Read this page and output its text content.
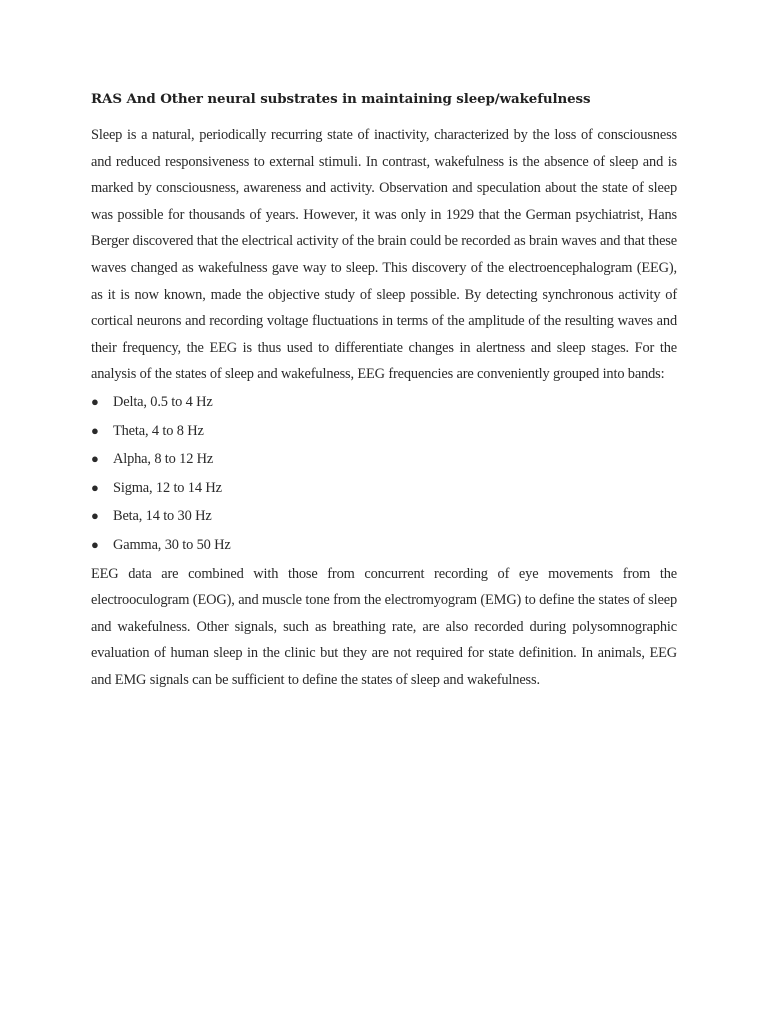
RAS And Other neural substrates in maintaining sleep/wakefulness

Sleep is a natural, periodically recurring state of inactivity, characterized by the loss of consciousness and reduced responsiveness to external stimuli. In contrast, wakefulness is the absence of sleep and is marked by consciousness, awareness and activity. Observation and speculation about the state of sleep was possible for thousands of years. However, it was only in 1929 that the German psychiatrist, Hans Berger discovered that the electrical activity of the brain could be recorded as brain waves and that these waves changed as wakefulness gave way to sleep. This discovery of the electroencephalogram (EEG), as it is now known, made the objective study of sleep possible. By detecting synchronous activity of cortical neurons and recording voltage fluctuations in terms of the amplitude of the resulting waves and their frequency, the EEG is thus used to differentiate changes in alertness and sleep stages. For the analysis of the states of sleep and wakefulness, EEG frequencies are conveniently grouped into bands:

● Delta, 0.5 to 4 Hz
● Theta, 4 to 8 Hz
● Alpha, 8 to 12 Hz
● Sigma, 12 to 14 Hz
● Beta, 14 to 30 Hz
● Gamma, 30 to 50 Hz

EEG data are combined with those from concurrent recording of eye movements from the electrooculogram (EOG), and muscle tone from the electromyogram (EMG) to define the states of sleep and wakefulness. Other signals, such as breathing rate, are also recorded during polysomnographic evaluation of human sleep in the clinic but they are not required for state definition. In animals, EEG and EMG signals can be sufficient to define the states of sleep and wakefulness.
